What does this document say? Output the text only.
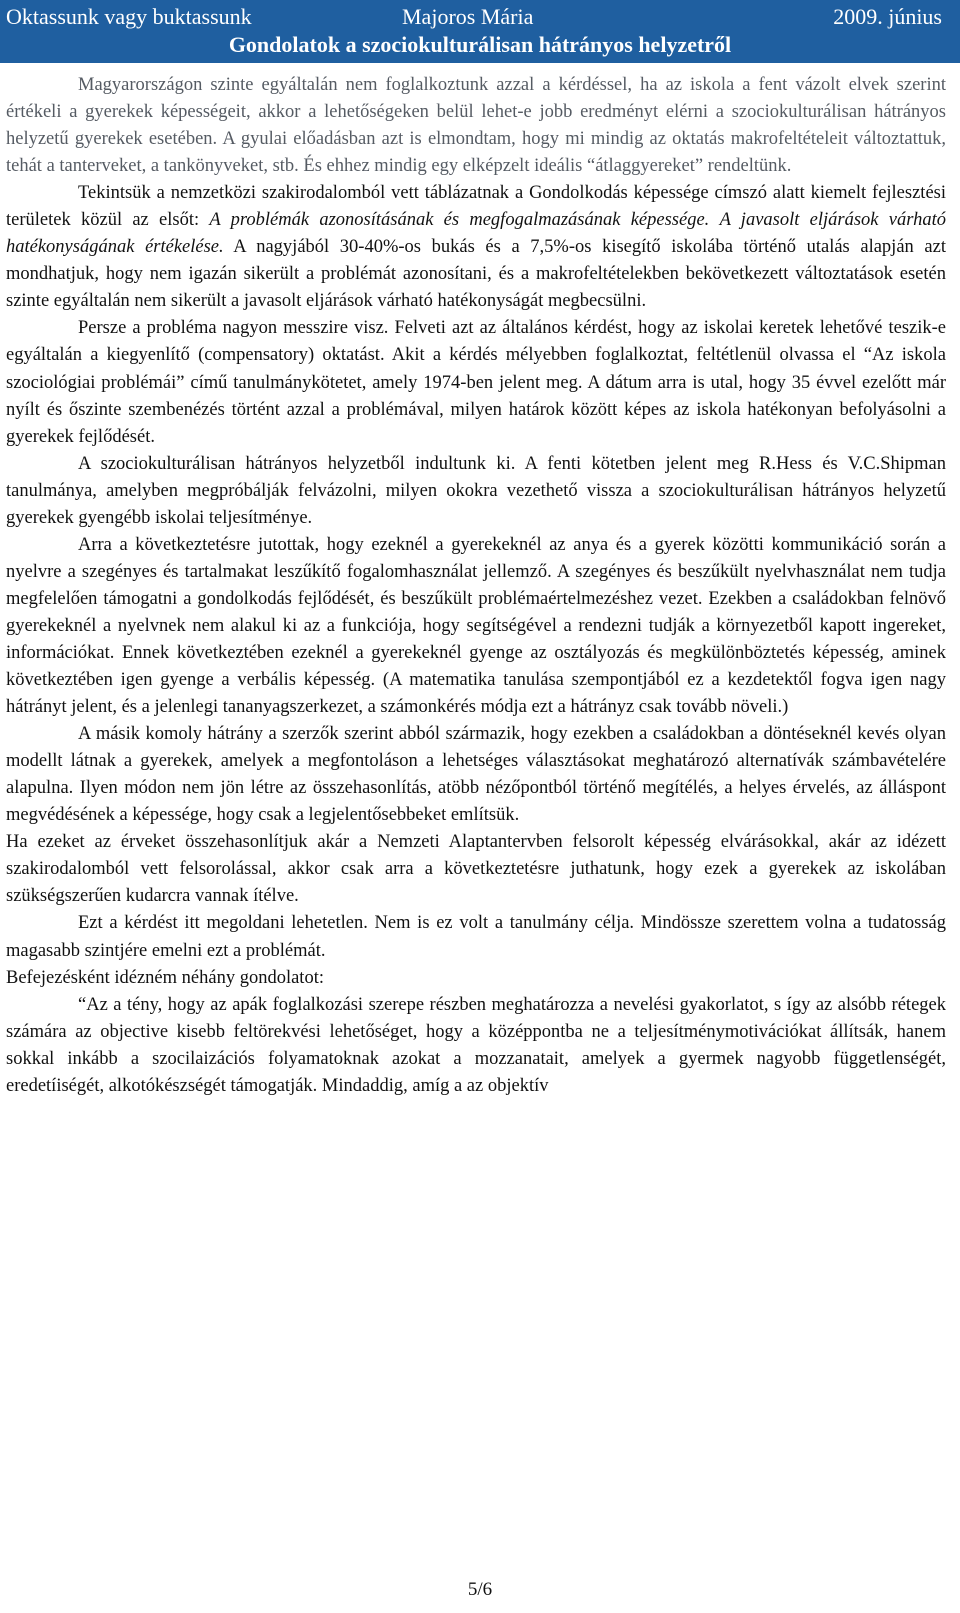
Oktassunk vagy buktassunk	Majoros Mária	2009. június
Gondolatok a szociokulturálisan hátrányos helyzetről

Magyarországon szinte egyáltalán nem foglalkoztunk azzal a kérdéssel, ha az iskola a fent vázolt elvek szerint értékeli a gyerekek képességeit, akkor a lehetőségeken belül lehet-e jobb eredményt elérni a szociokulturálisan hátrányos helyzetű gyerekek esetében. A gyulai előadásban azt is elmondtam, hogy mi mindig az oktatás makrofeltételeit változtattuk, tehát a tanterveket, a tankönyveket, stb. És ehhez mindig egy elképzelt ideális “átlaggyereket” rendeltünk.

Tekintsük a nemzetközi szakirodalomból vett táblázatnak a Gondolkodás képessége címszó alatt kiemelt fejlesztési területek közül az elsőt: A problémák azonosításának és megfogalmazásának képessége. A javasolt eljárások várható hatékonyságának értékelése. A nagyjából 30-40%-os bukás és a 7,5%-os kisegítő iskolába történő utalás alapján azt mondhatjuk, hogy nem igazán sikerült a problémát azonosítani, és a makrofeltételekben bekövetkezett változtatások esetén szinte egyáltalán nem sikerült a javasolt eljárások várható hatékonyságát megbecsülni.

Persze a probléma nagyon messzire visz. Felveti azt az általános kérdést, hogy az iskolai keretek lehetővé teszik-e egyáltalán a kiegyenlítő (compensatory) oktatást. Akit a kérdés mélyebben foglalkoztat, feltétlenül olvassa el “Az iskola szociológiai problémái” című tanulmánykötetet, amely 1974-ben jelent meg. A dátum arra is utal, hogy 35 évvel ezelőtt már nyílt és őszinte szembenézés történt azzal a problémával, milyen határok között képes az iskola hatékonyan befolyásolni a gyerekek fejlődését.

A szociokulturálisan hátrányos helyzetből indultunk ki. A fenti kötetben jelent meg R.Hess és V.C.Shipman tanulmánya, amelyben megpróbálják felvázolni, milyen okokra vezethető vissza a szociokulturálisan hátrányos helyzetű gyerekek gyengébb iskolai teljesítménye.

Arra a következtetésre jutottak, hogy ezeknél a gyerekeknél az anya és a gyerek közötti kommunikáció során a nyelvre a szegényes és tartalmakat leszűkítő fogalomhasználat jellemző. A szegényes és beszűkült nyelvhasználat nem tudja megfelelően támogatni a gondolkodás fejlődését, és beszűkült problémaértelmezéshez vezet. Ezekben a családokban felnövő gyerekeknél a nyelvnek nem alakul ki az a funkciója, hogy segítségével a rendezni tudják a környezetből kapott ingereket, információkat. Ennek következtében ezeknél a gyerekeknél gyenge az osztályozás és megkülönböztetés képesség, aminek következtében igen gyenge a verbális képesség. (A matematika tanulása szempontjából ez a kezdetektől fogva igen nagy hátrányt jelent, és a jelenlegi tananyagszerkezet, a számonkérés módja ezt a hátrányz csak tovább növeli.)

A másik komoly hátrány a szerzők szerint abból származik, hogy ezekben a családokban a döntéseknél kevés olyan modellt látnak a gyerekek, amelyek a megfontoláson a lehetséges választásokat meghatározó alternatívák számbavételére alapulna. Ilyen módon nem jön létre az összehasonlítás, atöbb nézőpontból történő megítélés, a helyes érvelés, az álláspont megvédésének a képessége, hogy csak a legjelentősebbeket említsük.

Ha ezeket az érveket összehasonlítjuk akár a Nemzeti Alaptantervben felsorolt képesség elvárásokkal, akár az idézett szakirodalomból vett felsorolással, akkor csak arra a következtetésre juthatunk, hogy ezek a gyerekek az iskolában szükségszerűen kudarcra vannak ítélve.

Ezt a kérdést itt megoldani lehetetlen. Nem is ez volt a tanulmány célja. Mindössze szerettem volna a tudatosság magasabb szintjére emelni ezt a problémát.

Befejezésként idézném néhány gondolatot:

“Az a tény, hogy az apák foglalkozási szerepe részben meghatározza a nevelési gyakorlatot, s így az alsóbb rétegek számára az objective kisebb feltörekvési lehetőséget, hogy a középpontba ne a teljesítménymotivációkat állítsák, hanem sokkal inkább a szocilaizációs folyamatoknak azokat a mozzanatait, amelyek a gyermek nagyobb függetlenségét, eredetíiségét, alkotókészségét támogatják. Mindaddig, amíg a az objektív

5/6
